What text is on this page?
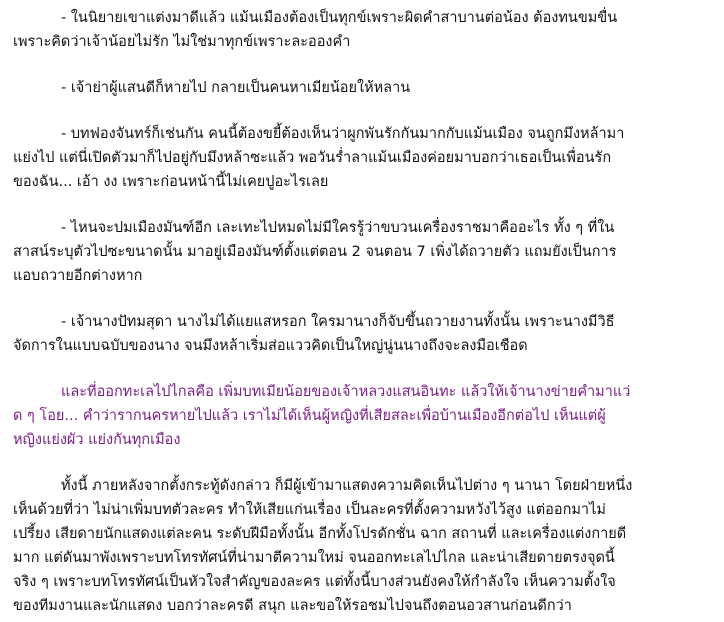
- ในนิยายเขาแต่งมาดีแล้ว แม้นเมืองต้องเป็นทุกข์เพราะผิดคำสาบานต่อน้อง ต้องทนขมขื่น
เพราะคิดว่าเจ้าน้อยไม่รัก ไม่ใช่มาทุกข์เพราะละอองคำ

- เจ้าย่าผู้แสนดีก็หายไป กลายเป็นคนหาเมียน้อยให้หลาน

- บทฟองจันทร์ก็เช่นกัน คนนี้ต้องขยี้ต้องเห็นว่าผูกพันรักกันมากกับแม้นเมือง จนถูกมึงหล้ามา
แย่งไป แต่นี่เปิดตัวมาก็ไปอยู่กับมึงหล้าซะแล้ว พอวันร่ำลาแม้นเมืองค่อยมาบอกว่าเธอเป็นเพื่อนรัก
ของฉัน... เอ้า งง เพราะก่อนหน้านี้ไม่เคยปูอะไรเลย

- ไหนจะปมเมืองมันฑ์อีก เละเทะไปหมดไม่มีใครรู้ว่าขบวนเครื่องราชมาคืออะไร ทั้ง ๆ ที่ใน
สาสน์ระบุตัวไปซะขนาดนั้น มาอยู่เมืองมันฑ์ตั้งแต่ตอน 2 จนตอน 7 เพิ่งได้ถวายตัว แถมยังเป็นการ
แอบถวายอีกต่างหาก

- เจ้านางปัทมสุดา นางไม่ได้แยแสหรอก ใครมานางก็จับขึ้นถวายงานทั้งนั้น เพราะนางมีวิธี
จัดการในแบบฉบับของนาง จนมึงหล้าเริ่มส่อแววคิดเป็นใหญ่นู่นนางถึงจะลงมือเชือด

และที่ออกทะเลไปไกลคือ เพิ่มบทเมียน้อยของเจ้าหลวงแสนอินทะ แล้วให้เจ้านางข่ายคำมาแว่
ด ๆ โอย... คำว่ารากนครหายไปแล้ว เราไม่ได้เห็นผู้หญิงที่เสียสละเพื่อบ้านเมืองอีกต่อไป เห็นแต่ผู้
หญิงแย่งผัว แย่งกันทุกเมือง

ทั้งนี้ ภายหลังจากตั้งกระทู้ดังกล่าว ก็มีผู้เข้ามาแสดงความคิดเห็นไปต่าง ๆ นานา โดยฝ่ายหนึ่ง
เห็นด้วยที่ว่า ไม่น่าเพิ่มบทตัวละคร ทำให้เสียแก่นเรื่อง เป็นละครที่ตั้งความหวังไว้สูง แต่ออกมาไม่
เปรี้ยง เสียดายนักแสดงแต่ละคน ระดับฝีมือทั้งนั้น อีกทั้งโปรดักชั่น ฉาก สถานที่ และเครื่องแต่งกายดี
มาก แต่ดันมาพังเพราะบทโทรทัศน์ที่น่ามาตีความใหม่ จนออกทะเลไปไกล และน่าเสียดายตรงจุดนี้
จริง ๆ เพราะบทโทรทัศน์เป็นหัวใจสำคัญของละคร แต่ทั้งนี้บางส่วนยังคงให้กำลังใจ เห็นความตั้งใจ
ของทีมงานและนักแสดง บอกว่าละครดี สนุก และขอให้รอชมไปจนถึงตอนอวสานก่อนดีกว่า
